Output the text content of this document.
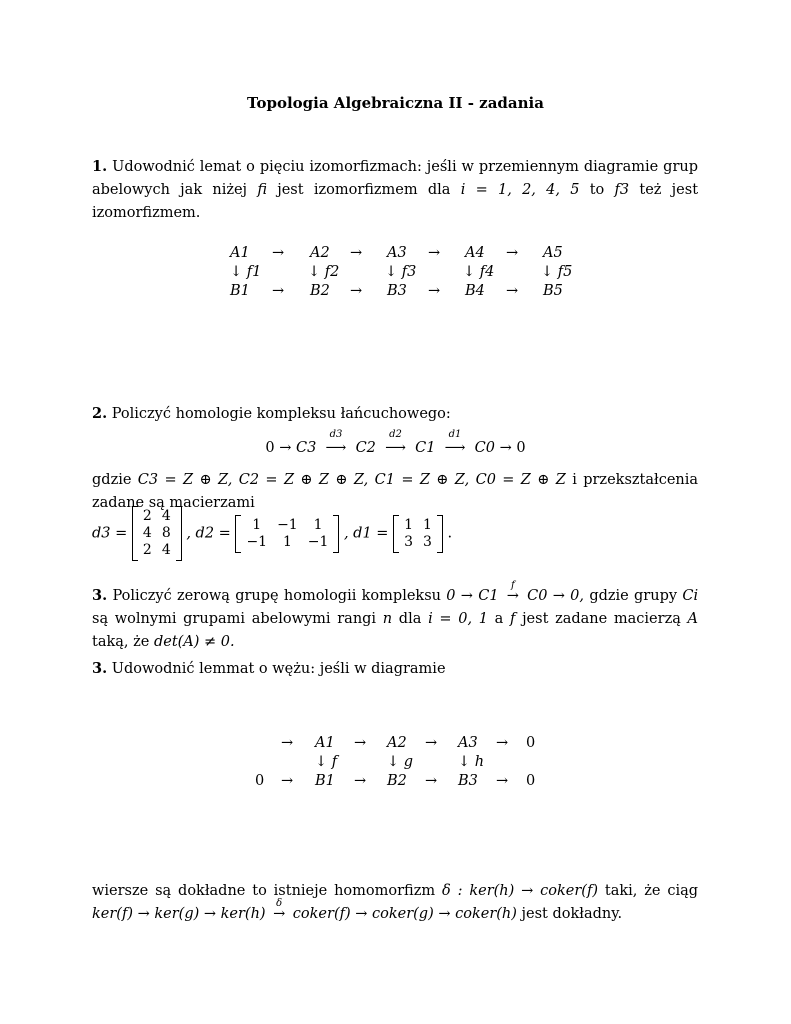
Topologia Algebraiczna II - zadania
1. Udowodnić lemat o pięciu izomorfizmach: jeśli w przemiennym diagramie grup abelowych jak niżej fi jest izomorfizmem dla i = 1, 2, 4, 5 to f3 też jest izomorfizmem.
A1 → A2 → A3 → A4 → A5
↓ f1	↓ f2	↓ f3	↓ f4	↓ f5
B1 → B2 → B3 → B4 → B5
2. Policzyć homologie kompleksu łańcuchowego:
0 → C3
d3
⟶ C2
d2
⟶ C1
d1
⟶ C0 → 0
gdzie C3 = Z ⊕ Z, C2 = Z ⊕ Z ⊕ Z, C1 = Z ⊕ Z, C0 = Z ⊕ Z i przekształcenia zadane są macierzami
d3 =
2	4
4	8
2	4
, d2 =
1	−1	1
−1	1	−1 , d1 =
1	1
3	3 .
3. Policzyć zerową grupę homologii kompleksu 0 → C1
f
→ C0 → 0, gdzie grupy Ci są wolnymi grupami abelowymi rangi n dla i = 0, 1 a f jest zadane macierzą A taką, że det(A) ≠ 0.
3. Udowodnić lemmat o wężu: jeśli w diagramie
→ A1 → A2 → A3 → 0
↓ f	↓ g	↓ h
0 → B1 → B2 → B3 → 0
wiersze są dokładne to istnieje homomorfizm δ : ker(h) → coker(f) taki, że ciąg ker(f) → ker(g) → ker(h)
δ
→ coker(f) → coker(g) → coker(h) jest dokładny.
